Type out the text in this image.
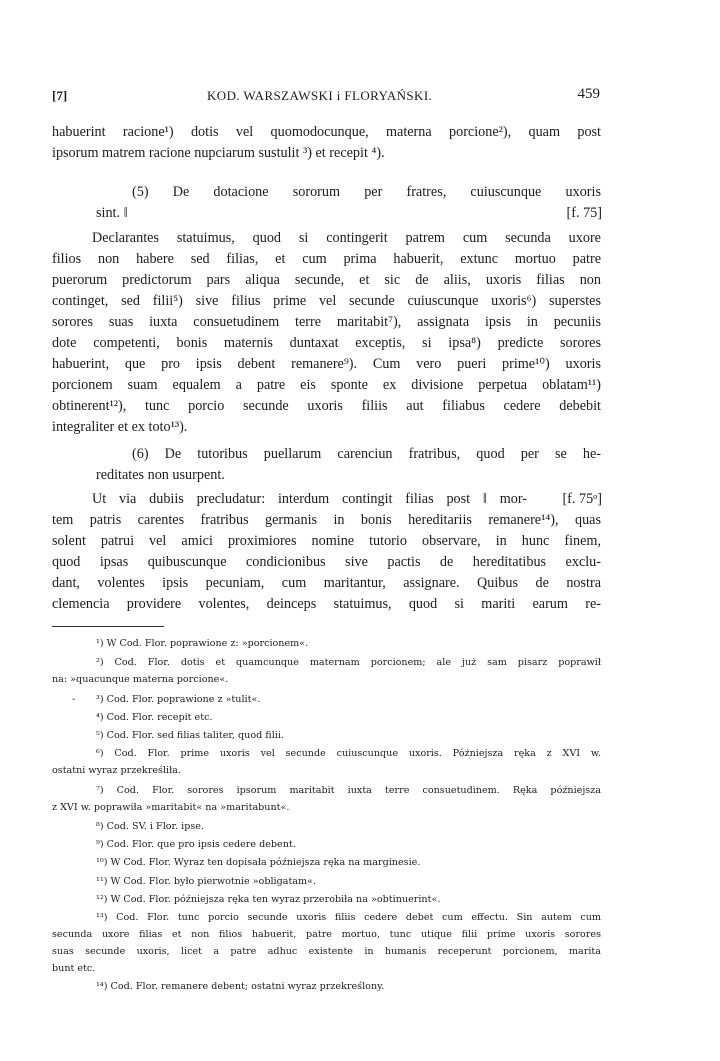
[7]	KOD. WARSZAWSKI i FLORYAŃSKI.	459
habuerint racione¹) dotis vel quomodocunque, materna porcione²), quam post
ipsorum matrem racione nupciarum sustulit ³) et recepit ⁴).
(5) De dotacione sororum per fratres, cuiuscunque uxoris
sint. ‖	[f. 75]
Declarantes statuimus, quod si contingerit patrem cum secunda uxore
filios non habere sed filias, et cum prima habuerit, extunc mortuo patre
puerorum predictorum pars aliqua secunde, et sic de aliis, uxoris filias non
continget, sed filii⁵) sive filius prime vel secunde cuiuscunque uxoris⁶) superstes
sorores suas iuxta consuetudinem terre maritabit⁷), assignata ipsis in pecuniis
dote competenti, bonis maternis duntaxat exceptis, si ipsa⁸) predicte sorores
habuerint, que pro ipsis debent remanere⁹). Cum vero pueri prime¹⁰) uxoris
porcionem suam equalem a patre eis sponte ex divisione perpetua oblatam¹¹)
obtinerent¹²), tunc porcio secunde uxoris filiis aut filiabus cedere debebit
integraliter et ex toto¹³).
(6) De tutoribus puellarum carenciun fratribus, quod per se he-
reditates non usurpent.
Ut via dubiis precludatur: interdum contingit filias post ‖ mor- [f. 75ᵒ]
tem patris carentes fratribus germanis in bonis hereditariis remanere¹⁴), quas
solent patrui vel amici proximiores nomine tutorio observare, in hunc finem,
quod ipsas quibuscunque condicionibus sive pactis de hereditatibus exclu-
dant, volentes ipsis pecuniam, cum maritantur, assignare. Quibus de nostra
clemencia providere volentes, deinceps statuimus, quod si mariti earum re-
¹) W Cod. Flor. poprawione z: »porcionem«.
²) Cod. Flor. dotis et quamcunque maternam porcionem; ale już sam pisarz poprawił
na: »quacunque materna porcione«.
- ³) Cod. Flor. poprawione z »tulit«.
⁴) Cod. Flor. recepit etc.
⁵) Cod. Flor. sed filias taliter, quod filii.
⁶) Cod. Flor. prime uxoris vel secunde cuiuscunque uxoris. Późniejsza ręka z XVI w.
ostatni wyraz przekreśliła.
⁷) Cod. Flor. sorores ipsorum maritabit iuxta terre consuetudinem. Ręka późniejsza
z XVI w. poprawiła »maritabit« na »maritabunt«.
⁸) Cod. SV. i Flor. ipse.
⁹) Cod. Flor. que pro ipsis cedere debent.
¹⁰) W Cod. Flor. Wyraz ten dopisała późniejsza ręka na marginesie.
¹¹) W Cod. Flor. było pierwotnie »obligatam«.
¹²) W Cod. Flor. późniejsza ręka ten wyraz przerobiła na »obtinuerint«.
¹³) Cod. Flor. tunc porcio secunde uxoris filiis cedere debet cum effectu. Sin autem cum
secunda uxore filias et non filios habuerit, patre mortuo, tunc utique filii prime uxoris sorores
suas secunde uxoris, licet a patre adhuc existente in humanis receperunt porcionem, marita
bunt etc.
¹⁴) Cod. Flor. remanere debent; ostatni wyraz przekreślony.
